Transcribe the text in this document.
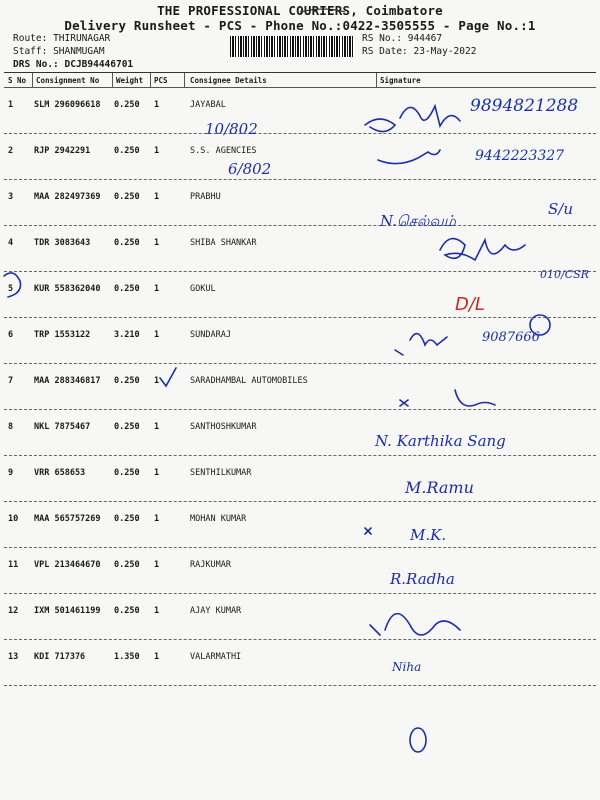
THE PROFESSIONAL COURIERS, Coimbatore
Delivery Runsheet - PCS - Phone No.:0422-3505555 - Page No.:1
Route: THIRUNAGAR
Staff: SHANMUGAM
DRS No.: DCJB94446701
RS No.: 944467
RS Date: 23-May-2022
S No Consignment No Weight PCS	Consignee Details	Signature
1 SLM 296096618 0.250 1	JAYABAL
2 RJP 2942291	0.250 1	S.S. AGENCIES
3 MAA 282497369 0.250 1	PRABHU
4 TDR 3083643	0.250 1	SHIBA SHANKAR
5 KUR 558362040 0.250 1	GOKUL
6 TRP 1553122	3.210 1	SUNDARAJ
7 MAA 288346817 0.250 1	SARADHAMBAL AUTOMOBILES
8 NKL 7875467	0.250 1	SANTHOSHKUMAR
9 VRR 658653	0.250 1	SENTHILKUMAR
10 MAA 565757269 0.250 1	MOHAN KUMAR
11 VPL 213464670 0.250 1	RAJKUMAR
12 IXM 501461199 0.250 1	AJAY KUMAR
13 KDI 717376	1.350 1	VALARMATHI
9894821288
10/802
9442223327
6/802
N.செல்வம்
S/u
010/CSR
D/L
9087666
N. Karthika Sang
M.Ramu
M.K.
R.Radha
Niha
